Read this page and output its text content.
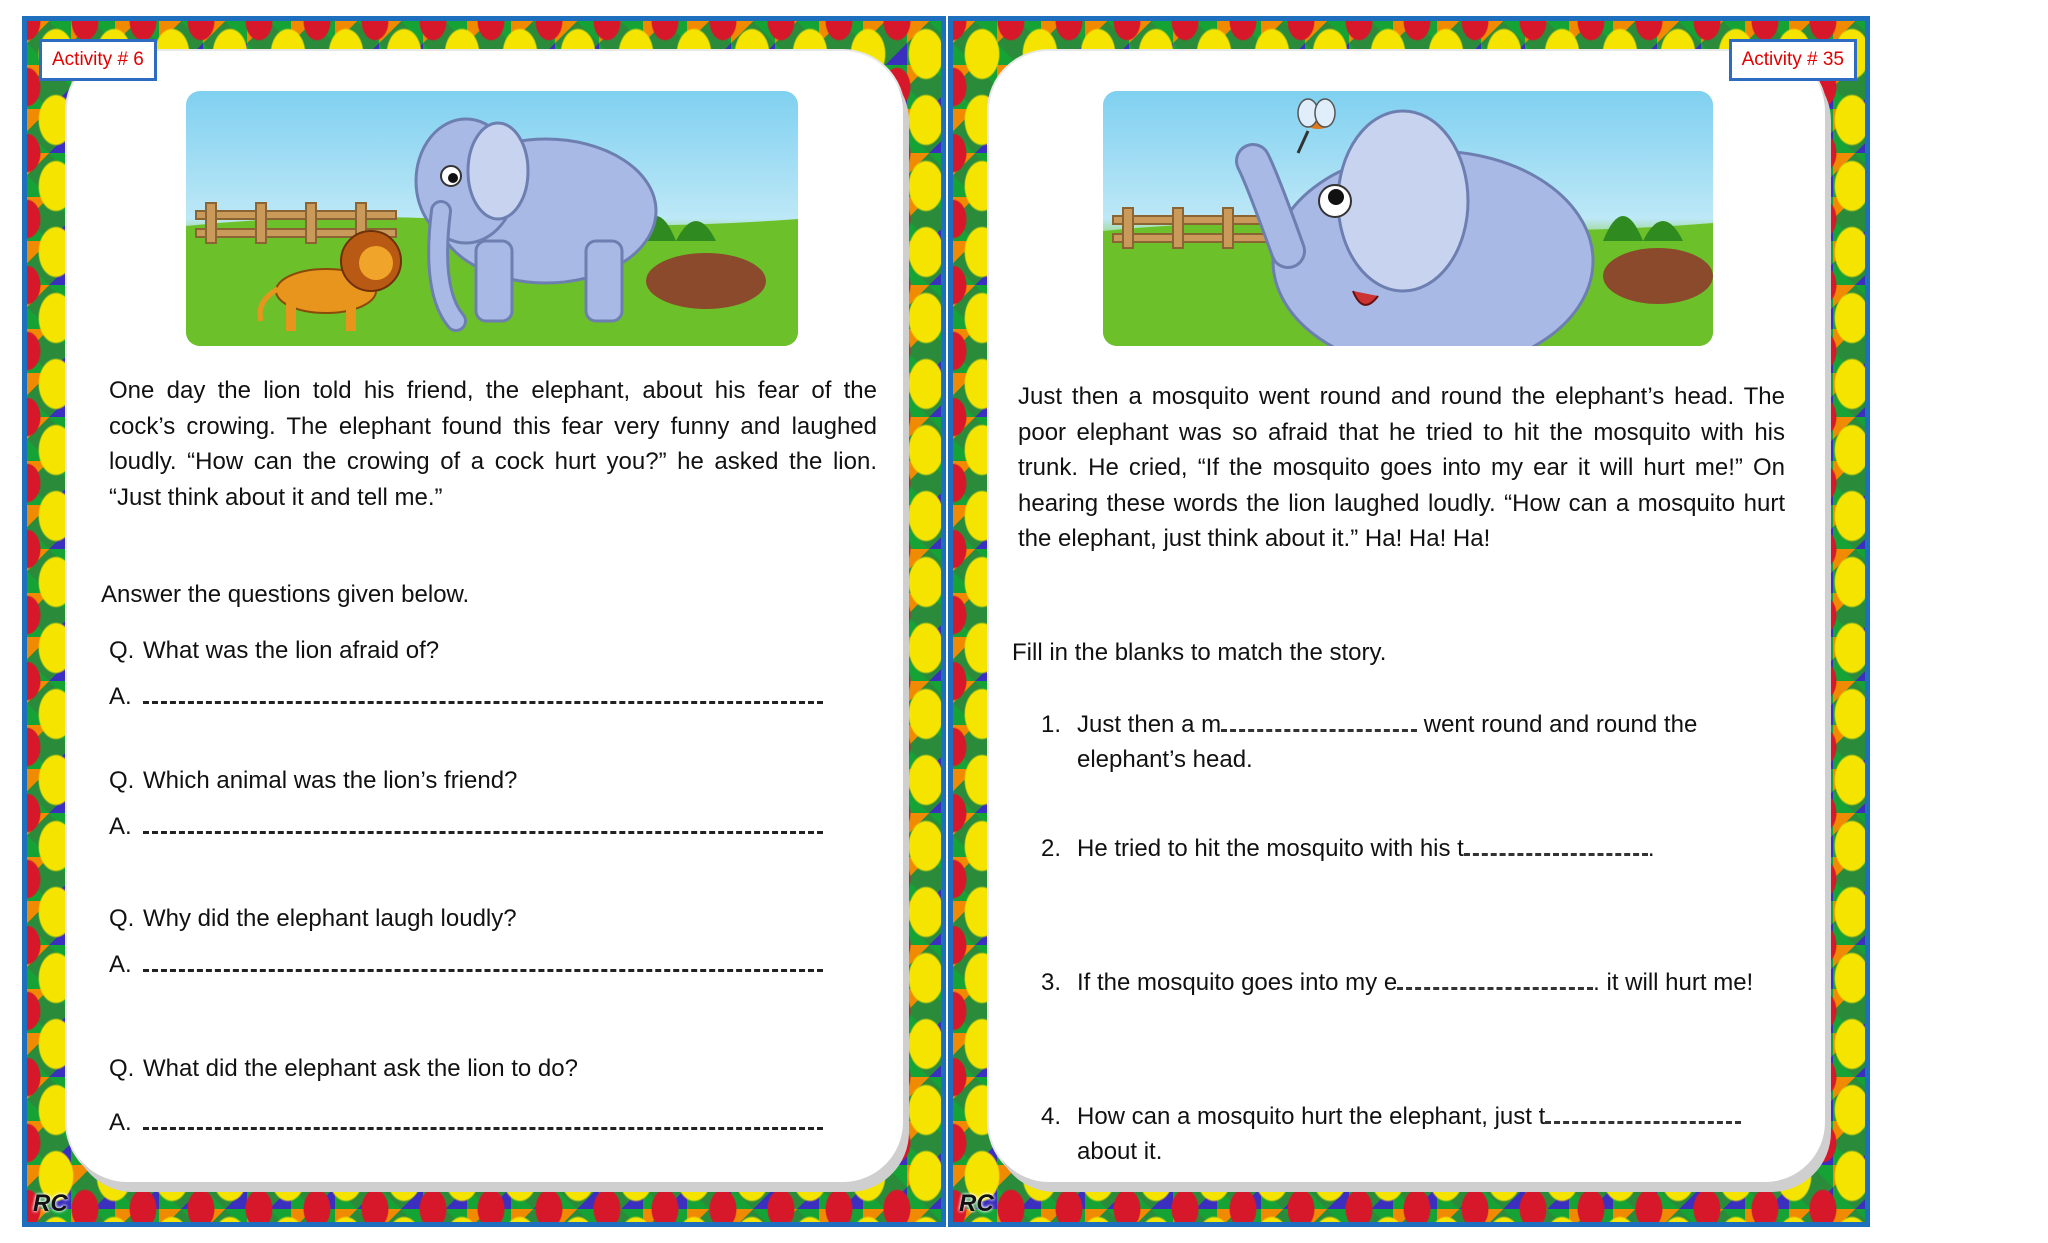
Activity # 6
One day the lion told his friend, the elephant, about his fear of the cock’s crowing. The elephant found this fear very funny and laughed loudly. “How can the crowing of a cock hurt you?” he asked the lion. “Just think about it and tell me.”
Answer the questions given below.
Q. What was the lion afraid of?
A.
Q. Which animal was the lion’s friend?
A.
Q. Why did the elephant laugh loudly?
A.
Q. What did the elephant ask the lion to do?
A.
RC
Activity # 35
Just then a mosquito went round and round the elephant’s head. The poor elephant was so afraid that he tried to hit the mosquito with his trunk. He cried, “If the mosquito goes into my ear it will hurt me!” On hearing these words the lion laughed loudly. “How can a mosquito hurt the elephant, just think about it.” Ha! Ha! Ha!
Fill in the blanks to match the story.
1. Just then a m	went round and round the elephant’s head.
2. He tried to hit the mosquito with his t	.
3. If the mosquito goes into my e	. it will hurt me!
4. How can a mosquito hurt the elephant, just t about it.
RC
